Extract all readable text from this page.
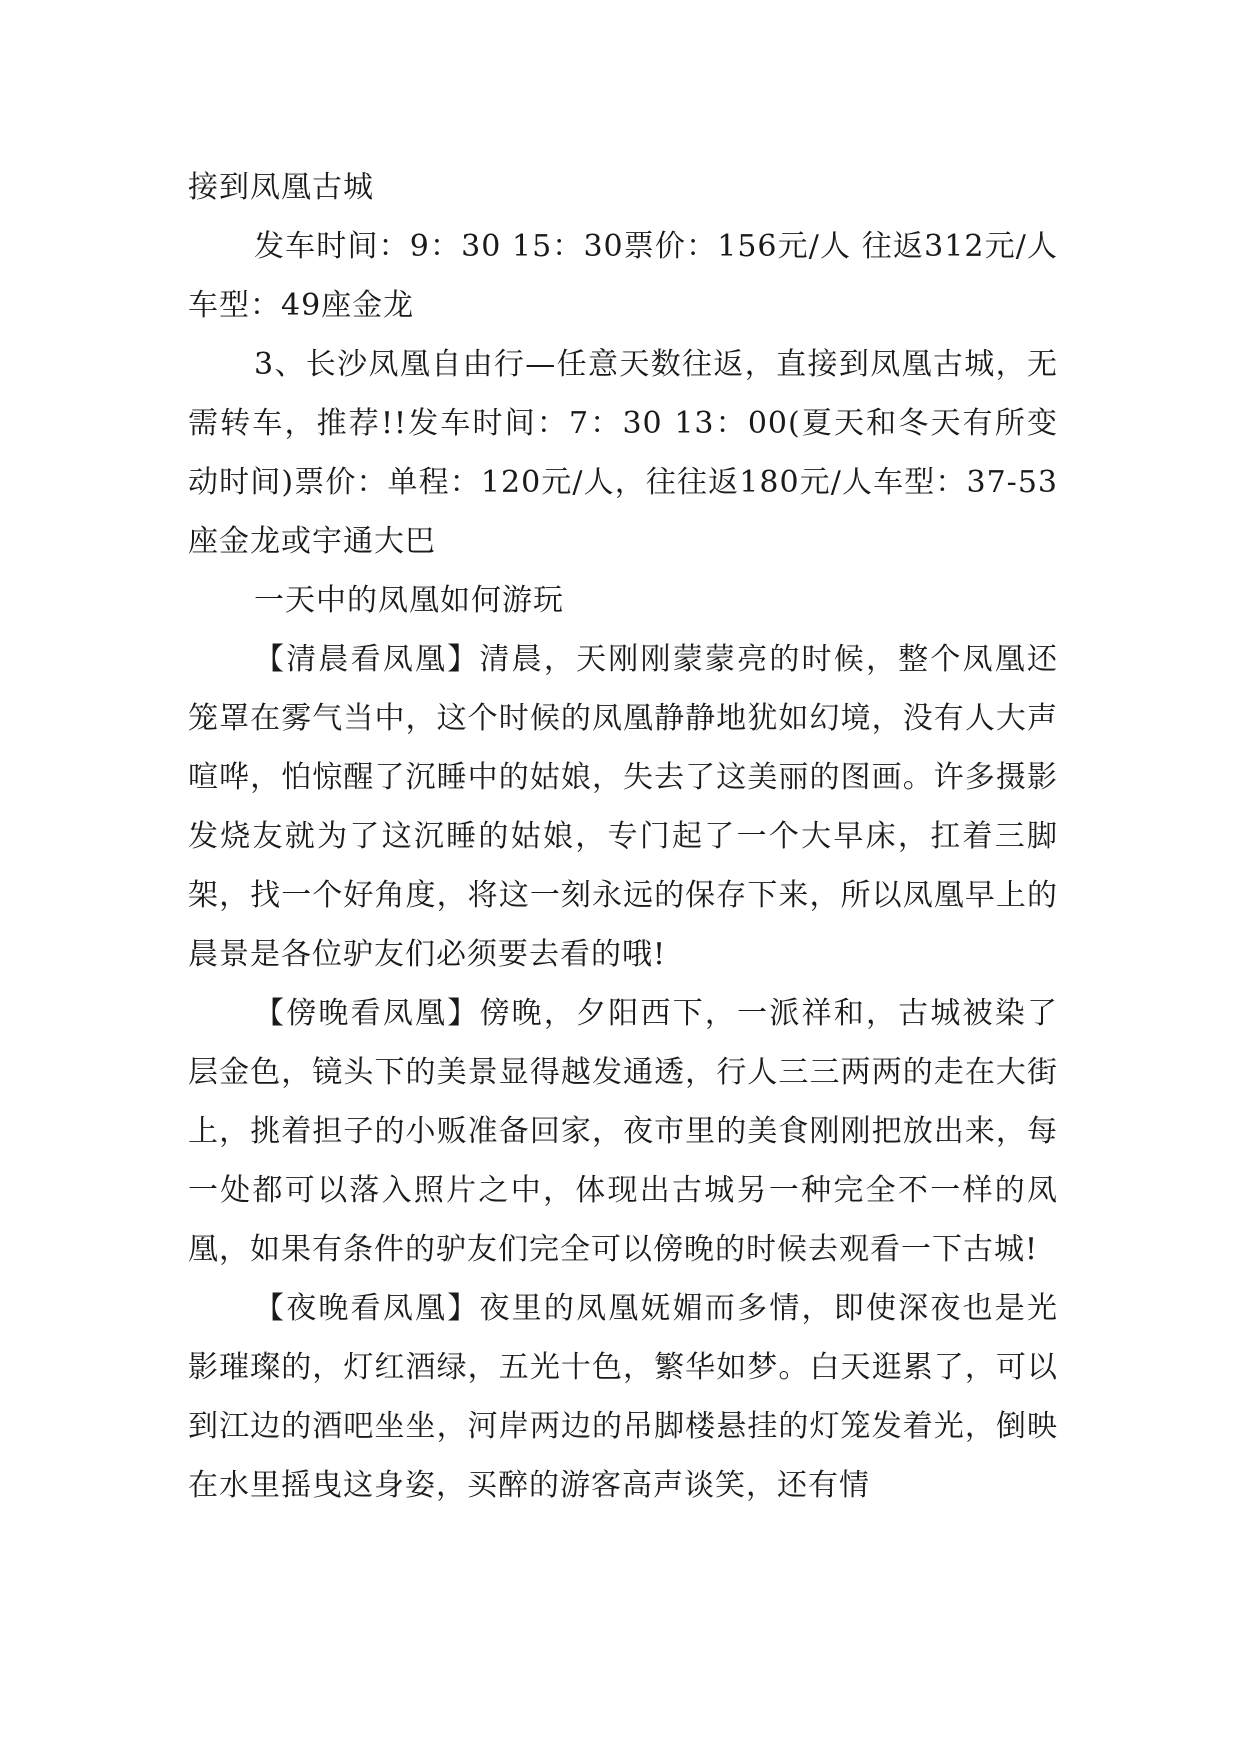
接到凤凰古城

发车时间：9：30 15：30票价：156元/人 往返312元/人车型：49座金龙

3、长沙凤凰自由行—任意天数往返，直接到凤凰古城，无需转车，推荐!!发车时间：7：30 13：00(夏天和冬天有所变动时间)票价：单程：120元/人，往往返180元/人车型：37-53座金龙或宇通大巴

一天中的凤凰如何游玩

【清晨看凤凰】清晨，天刚刚蒙蒙亮的时候，整个凤凰还笼罩在雾气当中，这个时候的凤凰静静地犹如幻境，没有人大声喧哗，怕惊醒了沉睡中的姑娘，失去了这美丽的图画。许多摄影发烧友就为了这沉睡的姑娘，专门起了一个大早床，扛着三脚架，找一个好角度，将这一刻永远的保存下来，所以凤凰早上的晨景是各位驴友们必须要去看的哦!

【傍晚看凤凰】傍晚，夕阳西下，一派祥和，古城被染了层金色，镜头下的美景显得越发通透，行人三三两两的走在大街上，挑着担子的小贩准备回家，夜市里的美食刚刚把放出来，每一处都可以落入照片之中，体现出古城另一种完全不一样的凤凰，如果有条件的驴友们完全可以傍晚的时候去观看一下古城!

【夜晚看凤凰】夜里的凤凰妩媚而多情，即使深夜也是光影璀璨的，灯红酒绿，五光十色，繁华如梦。白天逛累了，可以到江边的酒吧坐坐，河岸两边的吊脚楼悬挂的灯笼发着光，倒映在水里摇曳这身姿，买醉的游客高声谈笑，还有情
